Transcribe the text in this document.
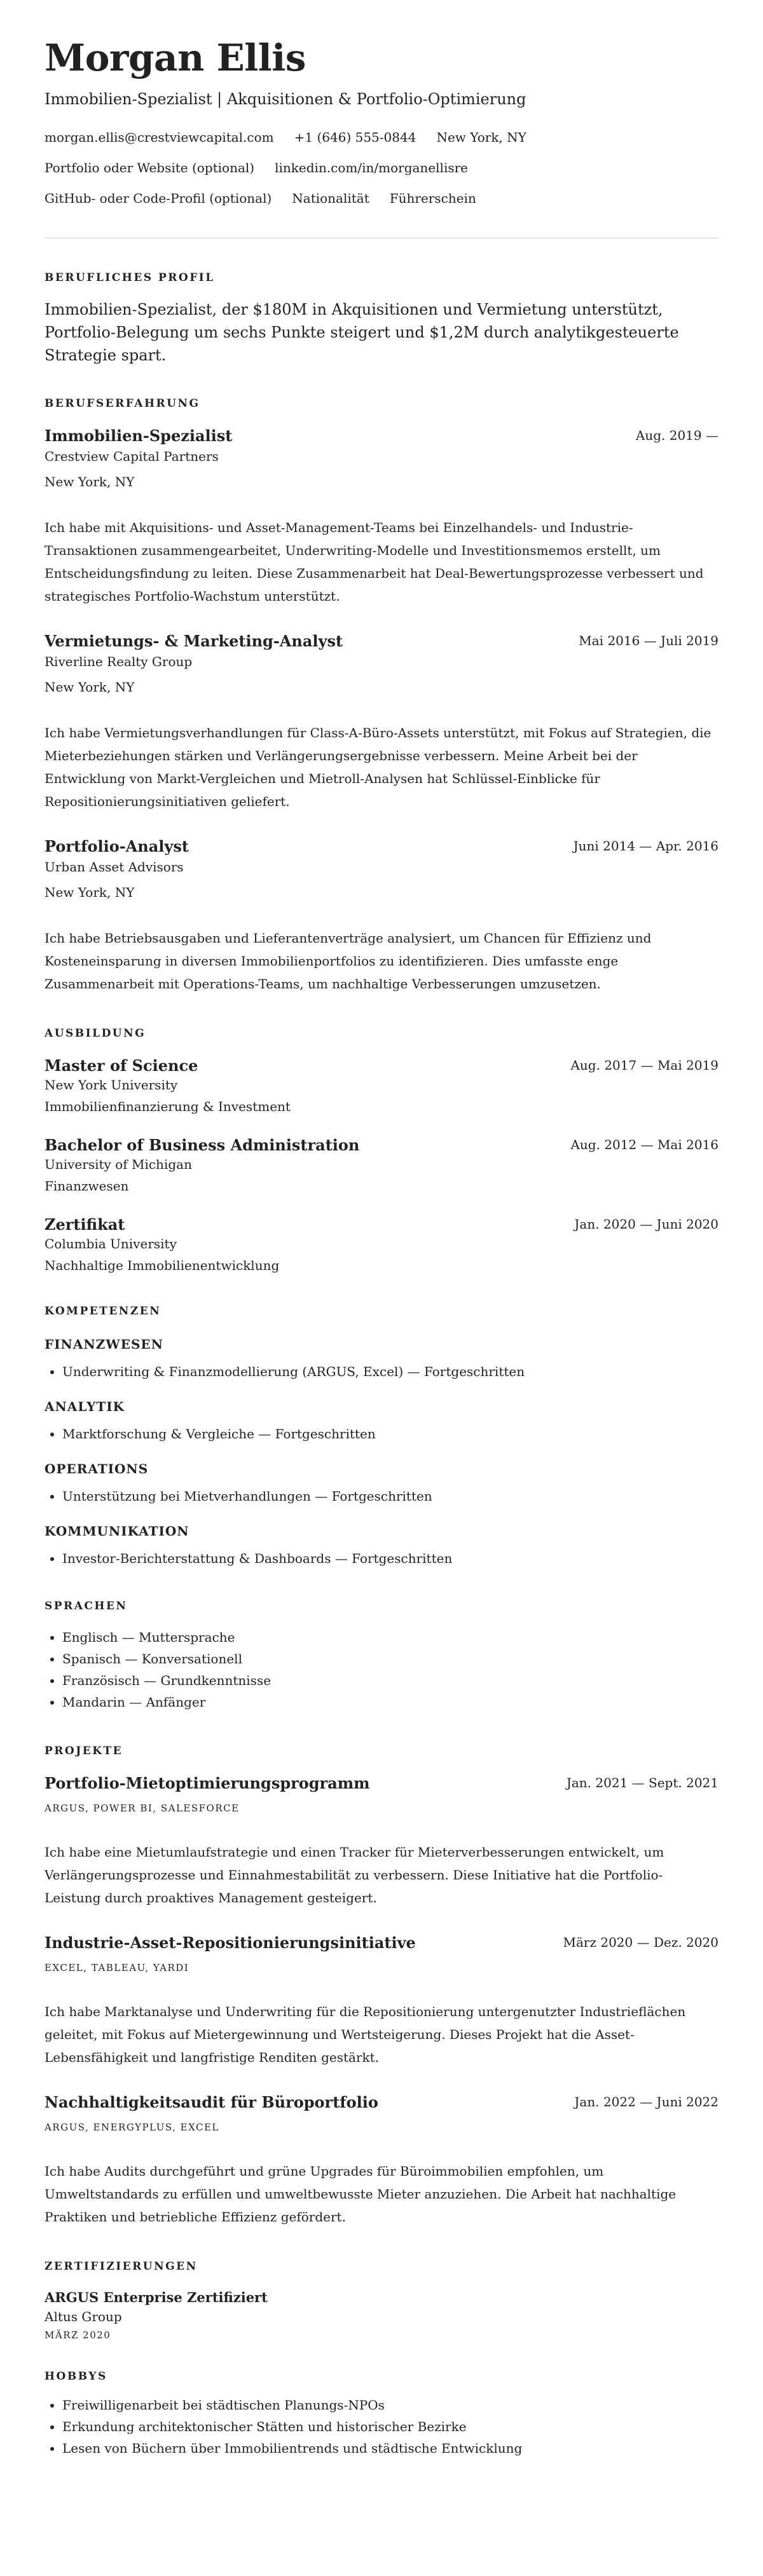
Morgan Ellis

Immobilien-Spezialist | Akquisitionen & Portfolio-Optimierung

morgan.ellis@crestviewcapital.com +1 (646) 555-0844 New York, NY
Portfolio oder Website (optional) linkedin.com/in/morganellisre
GitHub- oder Code-Profil (optional) Nationalität Führerschein
BERUFLICHES PROFIL

Immobilien-Spezialist, der $180M in Akquisitionen und Vermietung unterstützt, Portfolio-Belegung um sechs Punkte steigert und $1,2M durch analytikgesteuerte Strategie spart.

BERUFSERFAHRUNG
Immobilien-Spezialist	Aug. 2019 —
Crestview Capital Partners
New York, NY
Ich habe mit Akquisitions- und Asset-Management-Teams bei Einzelhandels- und Industrie-Transaktionen zusammengearbeitet, Underwriting-Modelle und Investitionsmemos erstellt, um Entscheidungsfindung zu leiten. Diese Zusammenarbeit hat Deal-Bewertungsprozesse verbessert und strategisches Portfolio-Wachstum unterstützt.
Vermietungs- & Marketing-Analyst	Mai 2016 — Juli 2019
Riverline Realty Group
New York, NY
Ich habe Vermietungsverhandlungen für Class-A-Büro-Assets unterstützt, mit Fokus auf Strategien, die Mieterbeziehungen stärken und Verlängerungsergebnisse verbessern. Meine Arbeit bei der Entwicklung von Markt-Vergleichen und Mietroll-Analysen hat Schlüssel-Einblicke für Repositionierungsinitiativen geliefert.
Portfolio-Analyst	Juni 2014 — Apr. 2016
Urban Asset Advisors
New York, NY
Ich habe Betriebsausgaben und Lieferantenverträge analysiert, um Chancen für Effizienz und Kosteneinsparung in diversen Immobilienportfolios zu identifizieren. Dies umfasste enge Zusammenarbeit mit Operations-Teams, um nachhaltige Verbesserungen umzusetzen.
AUSBILDUNG
Master of Science	Aug. 2017 — Mai 2019
New York University
Immobilienfinanzierung & Investment
Bachelor of Business Administration	Aug. 2012 — Mai 2016
University of Michigan
Finanzwesen
Zertifikat	Jan. 2020 — Juni 2020
Columbia University
Nachhaltige Immobilienentwicklung
KOMPETENZEN
FINANZWESEN
• Underwriting & Finanzmodellierung (ARGUS, Excel) — Fortgeschritten
ANALYTIK
• Marktforschung & Vergleiche — Fortgeschritten
OPERATIONS
• Unterstützung bei Mietverhandlungen — Fortgeschritten
KOMMUNIKATION
• Investor-Berichterstattung & Dashboards — Fortgeschritten
SPRACHEN
• Englisch — Muttersprache
• Spanisch — Konversationell
• Französisch — Grundkenntnisse
• Mandarin — Anfänger
PROJEKTE
Portfolio-Mietoptimierungsprogramm	Jan. 2021 — Sept. 2021
ARGUS, POWER BI, SALESFORCE
Ich habe eine Mietumlaufstrategie und einen Tracker für Mieterverbesserungen entwickelt, um Verlängerungsprozesse und Einnahmestabilität zu verbessern. Diese Initiative hat die Portfolio-Leistung durch proaktives Management gesteigert.
Industrie-Asset-Repositionierungsinitiative	März 2020 — Dez. 2020
EXCEL, TABLEAU, YARDI
Ich habe Marktanalyse und Underwriting für die Repositionierung untergenutzter Industrieflächen geleitet, mit Fokus auf Mietergewinnung und Wertsteigerung. Dieses Projekt hat die Asset-Lebensfähigkeit und langfristige Renditen gestärkt.
Nachhaltigkeitsaudit für Büroportfolio	Jan. 2022 — Juni 2022
ARGUS, ENERGYPLUS, EXCEL
Ich habe Audits durchgeführt und grüne Upgrades für Büroimmobilien empfohlen, um Umweltstandards zu erfüllen und umweltbewusste Mieter anzuziehen. Die Arbeit hat nachhaltige Praktiken und betriebliche Effizienz gefördert.
ZERTIFIZIERUNGEN
ARGUS Enterprise Zertifiziert
Altus Group
MÄRZ 2020
HOBBYS
• Freiwilligenarbeit bei städtischen Planungs-NPOs
• Erkundung architektonischer Stätten und historischer Bezirke
• Lesen von Büchern über Immobilientrends und städtische Entwicklung
